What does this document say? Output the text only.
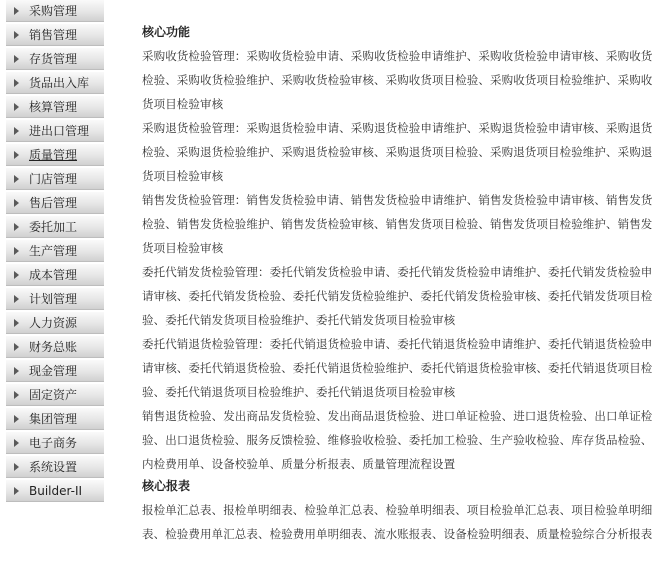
采购管理
销售管理
存货管理
货品出入库
核算管理
进出口管理
质量管理
门店管理
售后管理
委托加工
生产管理
成本管理
计划管理
人力资源
财务总账
现金管理
固定资产
集团管理
电子商务
系统设置
Builder-II
核心功能

采购收货检验管理：采购收货检验申请、采购收货检验申请维护、采购收货检验申请审核、采购收货检验、采购收货检验维护、采购收货检验审核、采购收货项目检验、采购收货项目检验维护、采购收货项目检验审核

采购退货检验管理：采购退货检验申请、采购退货检验申请维护、采购退货检验申请审核、采购退货检验、采购退货检验维护、采购退货检验审核、采购退货项目检验、采购退货项目检验维护、采购退货项目检验审核

销售发货检验管理：销售发货检验申请、销售发货检验申请维护、销售发货检验申请审核、销售发货检验、销售发货检验维护、销售发货检验审核、销售发货项目检验、销售发货项目检验维护、销售发货项目检验审核

委托代销发货检验管理：委托代销发货检验申请、委托代销发货检验申请维护、委托代销发货检验申请审核、委托代销发货检验、委托代销发货检验维护、委托代销发货检验审核、委托代销发货项目检验、委托代销发货项目检验维护、委托代销发货项目检验审核

委托代销退货检验管理：委托代销退货检验申请、委托代销退货检验申请维护、委托代销退货检验申请审核、委托代销退货检验、委托代销退货检验维护、委托代销退货检验审核、委托代销退货项目检验、委托代销退货项目检验维护、委托代销退货项目检验审核

销售退货检验、发出商品发货检验、发出商品退货检验、进口单证检验、进口退货检验、出口单证检验、出口退货检验、服务反馈检验、维修验收检验、委托加工检验、生产验收检验、库存货品检验、内检费用单、设备校验单、质量分析报表、质量管理流程设置

核心报表

报检单汇总表、报检单明细表、检验单汇总表、检验单明细表、项目检验单汇总表、项目检验单明细表、检验费用单汇总表、检验费用单明细表、流水账报表、设备检验明细表、质量检验综合分析报表
